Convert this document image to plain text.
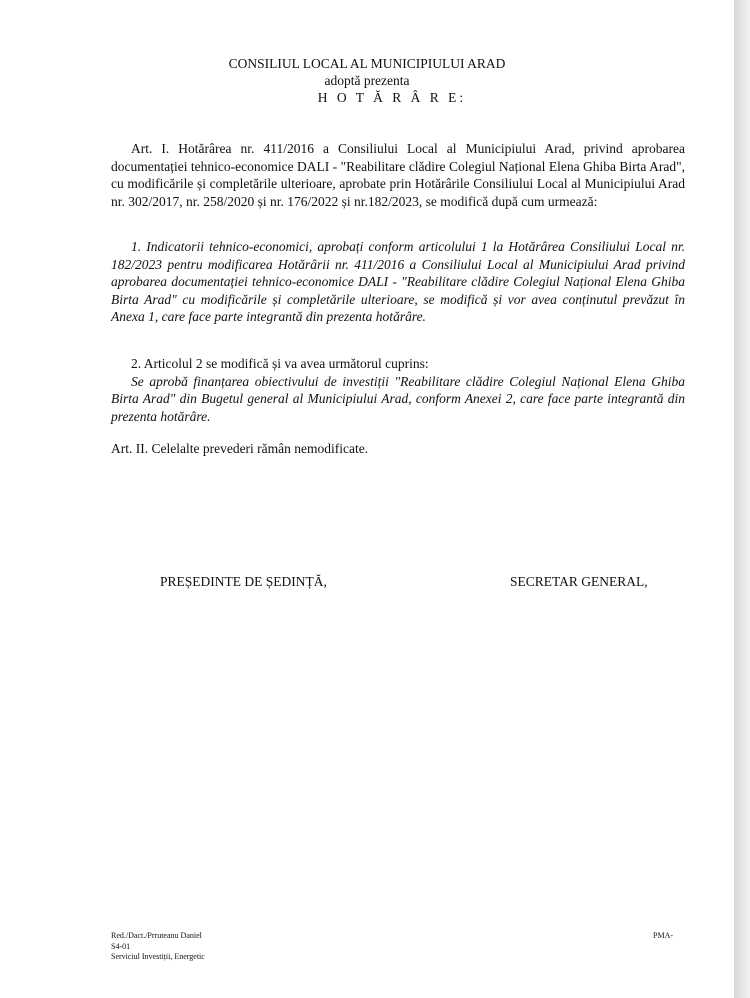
CONSILIUL LOCAL AL MUNICIPIULUI ARAD
adoptă prezenta
H O T Ă R Â R E:
Art. I. Hotărârea nr. 411/2016 a Consiliului Local al Municipiului Arad, privind aprobarea documentației tehnico-economice DALI - "Reabilitare clădire Colegiul Național Elena Ghiba Birta Arad", cu modificările și completările ulterioare, aprobate prin Hotărârile Consiliului Local al Municipiului Arad nr. 302/2017, nr. 258/2020 și nr. 176/2022 și nr.182/2023, se modifică după cum urmează:
1. Indicatorii tehnico-economici, aprobați conform articolului 1 la Hotărârea Consiliului Local nr. 182/2023 pentru modificarea Hotărârii nr. 411/2016 a Consiliului Local al Municipiului Arad privind aprobarea documentației tehnico-economice DALI - "Reabilitare clădire Colegiul Național Elena Ghiba Birta Arad" cu modificările și completările ulterioare, se modifică și vor avea conținutul prevăzut în Anexa 1, care face parte integrantă din prezenta hotărâre.
2. Articolul 2 se modifică și va avea următorul cuprins:
Se aprobă finanțarea obiectivului de investiții "Reabilitare clădire Colegiul Național Elena Ghiba Birta Arad" din Bugetul general al Municipiului Arad, conform Anexei 2, care face parte integrantă din prezenta hotărâre.
Art. II. Celelalte prevederi rămân nemodificate.
PREȘEDINTE DE ȘEDINȚĂ,	SECRETAR GENERAL,
Red./Dact./Prruteanu Daniel
S4-01
Serviciul Investiții, Energetic
PMA-
